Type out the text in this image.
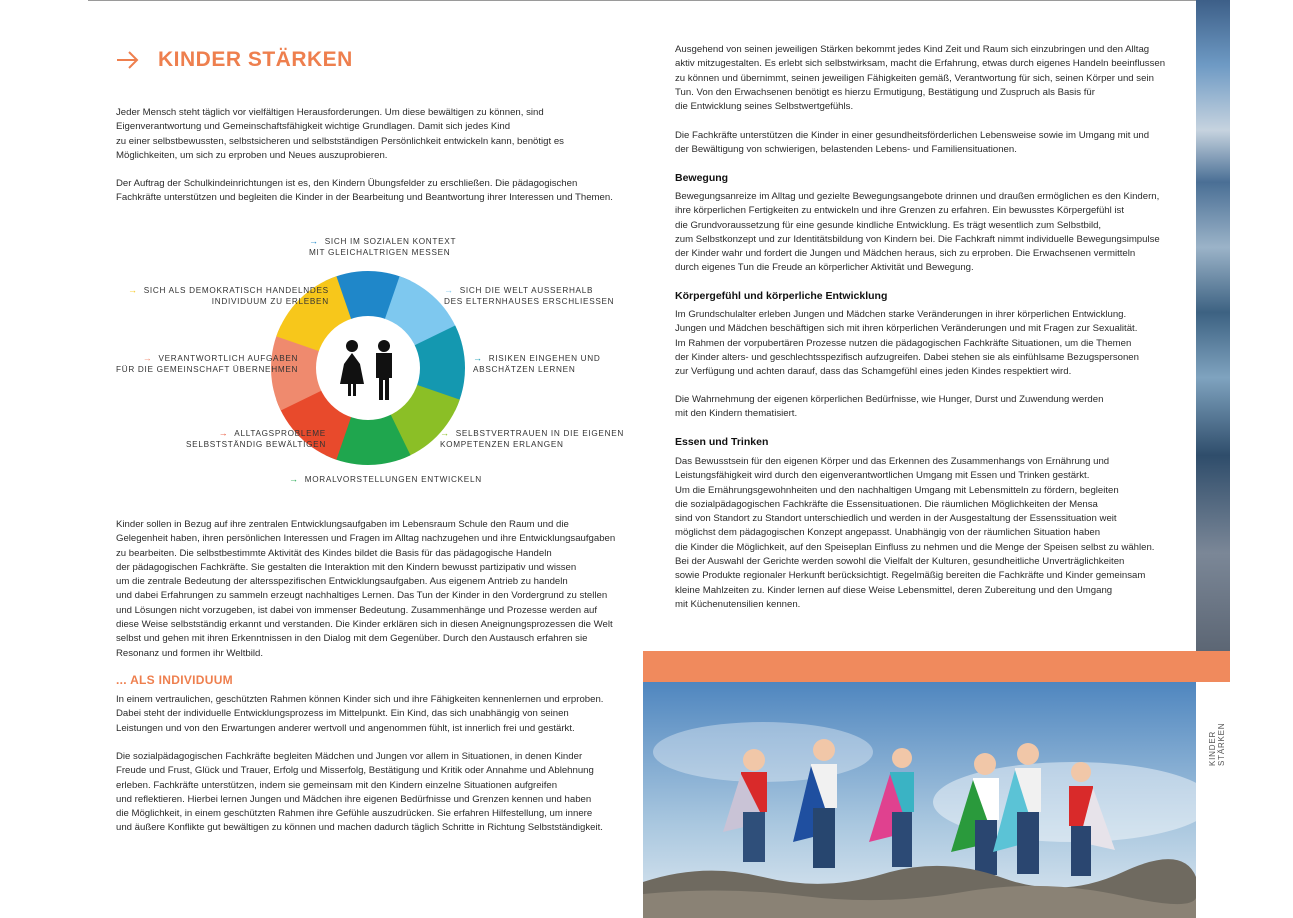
KINDER STÄRKEN

Jeder Mensch steht täglich vor vielfältigen Herausforderungen. Um diese bewältigen zu können, sind
Eigenverantwortung und Gemeinschaftsfähigkeit wichtige Grundlagen. Damit sich jedes Kind
zu einer selbstbewussten, selbstsicheren und selbstständigen Persönlichkeit entwickeln kann, benötigt es
Möglichkeiten, um sich zu erproben und Neues auszuprobieren.

Der Auftrag der Schulkindeinrichtungen ist es, den Kindern Übungsfelder zu erschließen. Die pädagogischen
Fachkräfte unterstützen und begleiten die Kinder in der Bearbeitung und Beantwortung ihrer Interessen und Themen.

→ SICH IM SOZIALEN KONTEXT
MIT GLEICHALTRIGEN MESSEN
→ SICH DIE WELT AUSSERHALB
DES ELTERNHAUSES ERSCHLIESSEN
→ RISIKEN EINGEHEN UND
ABSCHÄTZEN LERNEN
→ SELBSTVERTRAUEN IN DIE EIGENEN
KOMPETENZEN ERLANGEN
→ MORALVORSTELLUNGEN ENTWICKELN
→ ALLTAGSPROBLEME
SELBSTSTÄNDIG BEWÄLTIGEN
→ VERANTWORTLICH AUFGABEN
FÜR DIE GEMEINSCHAFT ÜBERNEHMEN
→ SICH ALS DEMOKRATISCH HANDELNDES
INDIVIDUUM ZU ERLEBEN

Kinder sollen in Bezug auf ihre zentralen Entwicklungsaufgaben im Lebensraum Schule den Raum und die
Gelegenheit haben, ihren persönlichen Interessen und Fragen im Alltag nachzugehen und ihre Entwicklungsaufgaben
zu bearbeiten. Die selbstbestimmte Aktivität des Kindes bildet die Basis für das pädagogische Handeln
der pädagogischen Fachkräfte. Sie gestalten die Interaktion mit den Kindern bewusst partizipativ und wissen
um die zentrale Bedeutung der altersspezifischen Entwicklungsaufgaben. Aus eigenem Antrieb zu handeln
und dabei Erfahrungen zu sammeln erzeugt nachhaltiges Lernen. Das Tun der Kinder in den Vordergrund zu stellen
und Lösungen nicht vorzugeben, ist dabei von immenser Bedeutung. Zusammenhänge und Prozesse werden auf
diese Weise selbstständig erkannt und verstanden. Die Kinder erklären sich in diesen Aneignungsprozessen die Welt
selbst und gehen mit ihren Erkenntnissen in den Dialog mit dem Gegenüber. Durch den Austausch erfahren sie
Resonanz und formen ihr Weltbild.

... ALS INDIVIDUUM

In einem vertraulichen, geschützten Rahmen können Kinder sich und ihre Fähigkeiten kennenlernen und erproben.
Dabei steht der individuelle Entwicklungsprozess im Mittelpunkt. Ein Kind, das sich unabhängig von seinen
Leistungen und von den Erwartungen anderer wertvoll und angenommen fühlt, ist innerlich frei und gestärkt.

Die sozialpädagogischen Fachkräfte begleiten Mädchen und Jungen vor allem in Situationen, in denen Kinder
Freude und Frust, Glück und Trauer, Erfolg und Misserfolg, Bestätigung und Kritik oder Annahme und Ablehnung
erleben. Fachkräfte unterstützen, indem sie gemeinsam mit den Kindern einzelne Situationen aufgreifen
und reflektieren. Hierbei lernen Jungen und Mädchen ihre eigenen Bedürfnisse und Grenzen kennen und haben
die Möglichkeit, in einem geschützten Rahmen ihre Gefühle auszudrücken. Sie erfahren Hilfestellung, um innere
und äußere Konflikte gut bewältigen zu können und machen dadurch täglich Schritte in Richtung Selbstständigkeit.

Ausgehend von seinen jeweiligen Stärken bekommt jedes Kind Zeit und Raum sich einzubringen und den Alltag
aktiv mitzugestalten. Es erlebt sich selbstwirksam, macht die Erfahrung, etwas durch eigenes Handeln beeinflussen
zu können und übernimmt, seinen jeweiligen Fähigkeiten gemäß, Verantwortung für sich, seinen Körper und sein
Tun. Von den Erwachsenen benötigt es hierzu Ermutigung, Bestätigung und Zuspruch als Basis für
die Entwicklung seines Selbstwertgefühls.

Die Fachkräfte unterstützen die Kinder in einer gesundheitsförderlichen Lebensweise sowie im Umgang mit und
der Bewältigung von schwierigen, belastenden Lebens- und Familiensituationen.

Bewegung

Bewegungsanreize im Alltag und gezielte Bewegungsangebote drinnen und draußen ermöglichen es den Kindern,
ihre körperlichen Fertigkeiten zu entwickeln und ihre Grenzen zu erfahren. Ein bewusstes Körpergefühl ist
die Grundvoraussetzung für eine gesunde kindliche Entwicklung. Es trägt wesentlich zum Selbstbild,
zum Selbstkonzept und zur Identitätsbildung von Kindern bei. Die Fachkraft nimmt individuelle Bewegungsimpulse
der Kinder wahr und fordert die Jungen und Mädchen heraus, sich zu erproben. Die Erwachsenen vermitteln
durch eigenes Tun die Freude an körperlicher Aktivität und Bewegung.

Körpergefühl und körperliche Entwicklung

Im Grundschulalter erleben Jungen und Mädchen starke Veränderungen in ihrer körperlichen Entwicklung.
Jungen und Mädchen beschäftigen sich mit ihren körperlichen Veränderungen und mit Fragen zur Sexualität.
Im Rahmen der vorpubertären Prozesse nutzen die pädagogischen Fachkräfte Situationen, um die Themen
der Kinder alters- und geschlechtsspezifisch aufzugreifen. Dabei stehen sie als einfühlsame Bezugspersonen
zur Verfügung und achten darauf, dass das Schamgefühl eines jeden Kindes respektiert wird.

Die Wahrnehmung der eigenen körperlichen Bedürfnisse, wie Hunger, Durst und Zuwendung werden
mit den Kindern thematisiert.

Essen und Trinken

Das Bewusstsein für den eigenen Körper und das Erkennen des Zusammenhangs von Ernährung und
Leistungsfähigkeit wird durch den eigenverantwortlichen Umgang mit Essen und Trinken gestärkt.
Um die Ernährungsgewohnheiten und den nachhaltigen Umgang mit Lebensmitteln zu fördern, begleiten
die sozialpädagogischen Fachkräfte die Essensituationen. Die räumlichen Möglichkeiten der Mensa
sind von Standort zu Standort unterschiedlich und werden in der Ausgestaltung der Essenssituation weit
möglichst dem pädagogischen Konzept angepasst. Unabhängig von der räumlichen Situation haben
die Kinder die Möglichkeit, auf den Speiseplan Einfluss zu nehmen und die Menge der Speisen selbst zu wählen.
Bei der Auswahl der Gerichte werden sowohl die Vielfalt der Kulturen, gesundheitliche Unverträglichkeiten
sowie Produkte regionaler Herkunft berücksichtigt. Regelmäßig bereiten die Fachkräfte und Kinder gemeinsam
kleine Mahlzeiten zu. Kinder lernen auf diese Weise Lebensmittel, deren Zubereitung und den Umgang
mit Küchenutensilien kennen.

KINDER STÄRKEN
